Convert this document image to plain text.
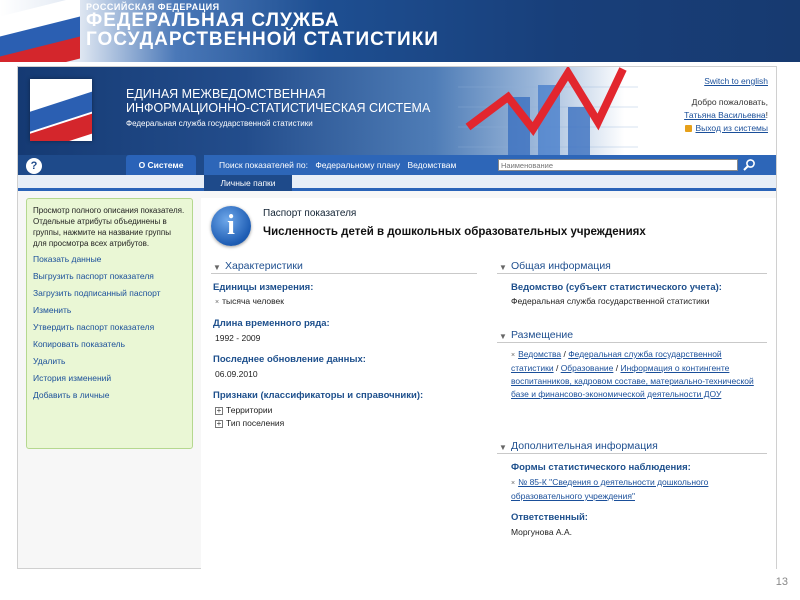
РОССИЙСКАЯ ФЕДЕРАЦИЯ
ФЕДЕРАЛЬНАЯ СЛУЖБА
ГОСУДАРСТВЕННОЙ СТАТИСТИКИ
ЕДИНАЯ МЕЖВЕДОМСТВЕННАЯ
ИНФОРМАЦИОННО-СТАТИСТИЧЕСКАЯ СИСТЕМА
Федеральная служба государственной статистики
Switch to english
Добро пожаловать,
Татьяна Васильевна!
Выход из системы
?	О Системе	Поиск показателей по: Федеральному плану Ведомствам
Наименование
Личные папки
Просмотр полного описания показателя. Отдельные атрибуты объединены в группы, нажмите на название группы для просмотра всех атрибутов.
Показать данные
Выгрузить паспорт показателя
Загрузить подписанный паспорт
Изменить
Утвердить паспорт показателя
Копировать показатель
Удалить
История изменений
Добавить в личные
i	Паспорт показателя
Численность детей в дошкольных образовательных учреждениях
▼ Характеристики
Единицы измерения:
× тысяча человек
Длина временного ряда:
1992 - 2009
Последнее обновление данных:
06.09.2010
Признаки (классификаторы и справочники):
+ Территории
+ Тип поселения
▼ Общая информация
Ведомство (субъект статистического учета):
Федеральная служба государственной статистики
▼ Размещение
× Ведомства / Федеральная служба государственной статистики / Образование / Информация о контингенте воспитанников, кадровом составе, материально-технической базе и финансово-экономической деятельности ДОУ
▼ Дополнительная информация
Формы статистического наблюдения:
× № 85-К "Сведения о деятельности дошкольного образовательного учреждения"
Ответственный:
Моргунова А.А.
13
